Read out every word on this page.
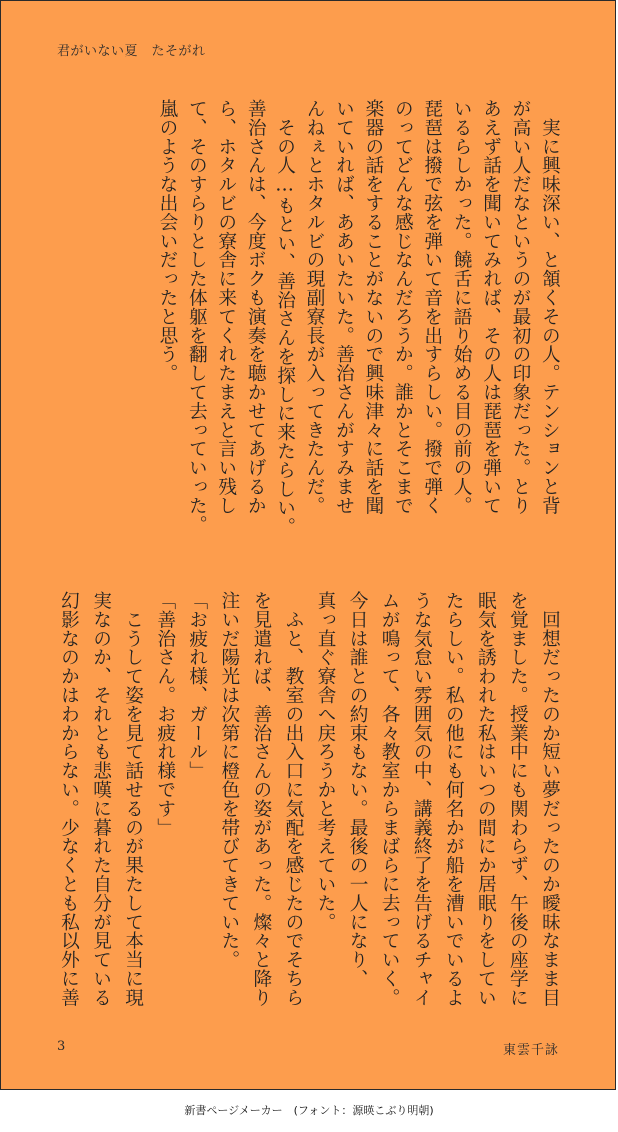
君がいない夏　たそがれ
　実に興味深い、と頷くその人。テンションと背
が高い人だなというのが最初の印象だった。とり
あえず話を聞いてみれば、その人は琵琶を弾いて
いるらしかった。饒舌に語り始める目の前の人。
琵琶は撥で弦を弾いて音を出すらしい。撥で弾く
のってどんな感じなんだろうか。誰かとそこまで
楽器の話をすることがないので興味津々に話を聞
いていれば、ああいたいた。善治さんがすみませ
んねぇとホタルビの現副寮長が入ってきたんだ。
　その人…もとい、善治さんを探しに来たらしい。
善治さんは、今度ボクも演奏を聴かせてあげるか
ら、ホタルビの寮舎に来てくれたまえと言い残し
て、そのすらりとした体躯を翻して去っていった。
嵐のような出会いだったと思う。
　回想だったのか短い夢だったのか曖昧なまま目
を覚ました。授業中にも関わらず、午後の座学に
眠気を誘われた私はいつの間にか居眠りをしてい
たらしい。私の他にも何名かが船を漕いでいるよ
うな気怠い雰囲気の中、講義終了を告げるチャイ
ムが鳴って、各々教室からまばらに去っていく。
今日は誰との約束もない。最後の一人になり、
真っ直ぐ寮舎へ戻ろうかと考えていた。
　ふと、教室の出入口に気配を感じたのでそちら
を見遣れば、善治さんの姿があった。燦々と降り
注いだ陽光は次第に橙色を帯びてきていた。
「お疲れ様、ガール」
「善治さん。お疲れ様です」
　こうして姿を見て話せるのが果たして本当に現
実なのか、それとも悲嘆に暮れた自分が見ている
幻影なのかはわからない。少なくとも私以外に善
3	東雲千詠
新書ページメーカー　(フォント：源暎こぶり明朝)
